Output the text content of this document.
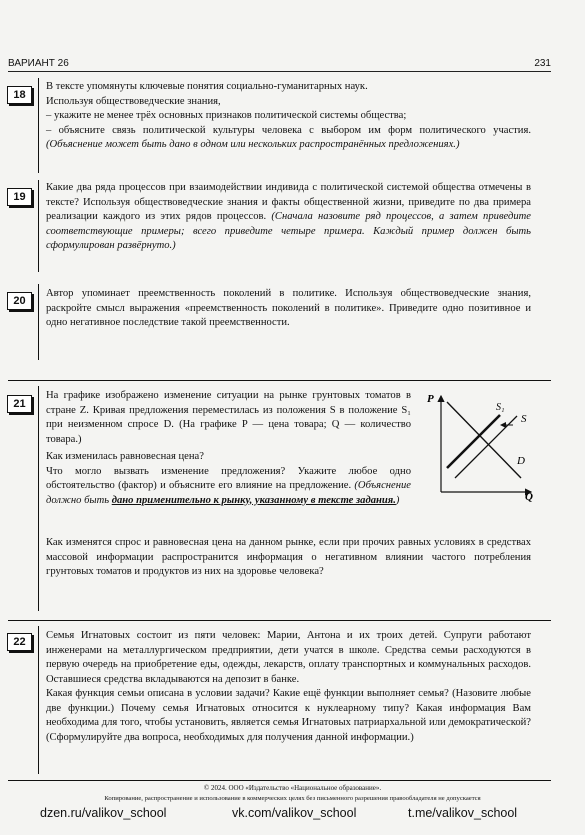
ВАРИАНТ 26	231
18

В тексте упомянуты ключевые понятия социально-гуманитарных наук.

Используя обществоведческие знания,

– укажите не менее трёх основных признаков политической системы общества;

– объясните связь политической культуры человека с выбором им форм политического участия. (Объяснение может быть дано в одном или нескольких распространённых предложениях.)

19

Какие два ряда процессов при взаимодействии индивида с политической системой общества отмечены в тексте? Используя обществоведческие знания и факты общественной жизни, приведите по два примера реализации каждого из этих рядов процессов. (Сначала назовите ряд процессов, а затем приведите соответствующие примеры; всего приведите четыре примера. Каждый пример должен быть сформулирован развёрнуто.)

20

Автор упоминает преемственность поколений в политике. Используя обществоведческие знания, раскройте смысл выражения «преемственность поколений в политике». Приведите одно позитивное и одно негативное последствие такой преемственности.

21

На графике изображено изменение ситуации на рынке грунтовых томатов в стране Z. Кривая предложения переместилась из положения S в положение S₁ при неизменном спросе D. (На графике P — цена товара; Q — количество товара.)

Как изменилась равновесная цена?

Что могло вызвать изменение предложения? Укажите любое одно обстоятельство (фактор) и объясните его влияние на предложение. (Объяснение должно быть дано применительно к рынку, указанному в тексте задания.)

Как изменятся спрос и равновесная цена на данном рынке, если при прочих равных условиях в средствах массовой информации распространится информация о негативном влиянии частого потребления грунтовых томатов и продуктов из них на здоровье человека?

P
Q
S₁
S
D
22

Семья Игнатовых состоит из пяти человек: Марии, Антона и их троих детей. Супруги работают инженерами на металлургическом предприятии, дети учатся в школе. Средства семьи расходуются в первую очередь на приобретение еды, одежды, лекарств, оплату транспортных и коммунальных расходов. Оставшиеся средства вкладываются на депозит в банке.

Какая функция семьи описана в условии задачи? Какие ещё функции выполняет семья? (Назовите любые две функции.) Почему семья Игнатовых относится к нуклеарному типу? Какая информация Вам необходима для того, чтобы установить, является семья Игнатовых патриархальной или демократической? (Сформулируйте два вопроса, необходимых для получения данной информации.)

© 2024. ООО «Издательство «Национальное образование».
Копирование, распространение и использование в коммерческих целях без письменного разрешения правообладателя не допускается
dzen.ru/valikov_school	vk.com/valikov_school	t.me/valikov_school
